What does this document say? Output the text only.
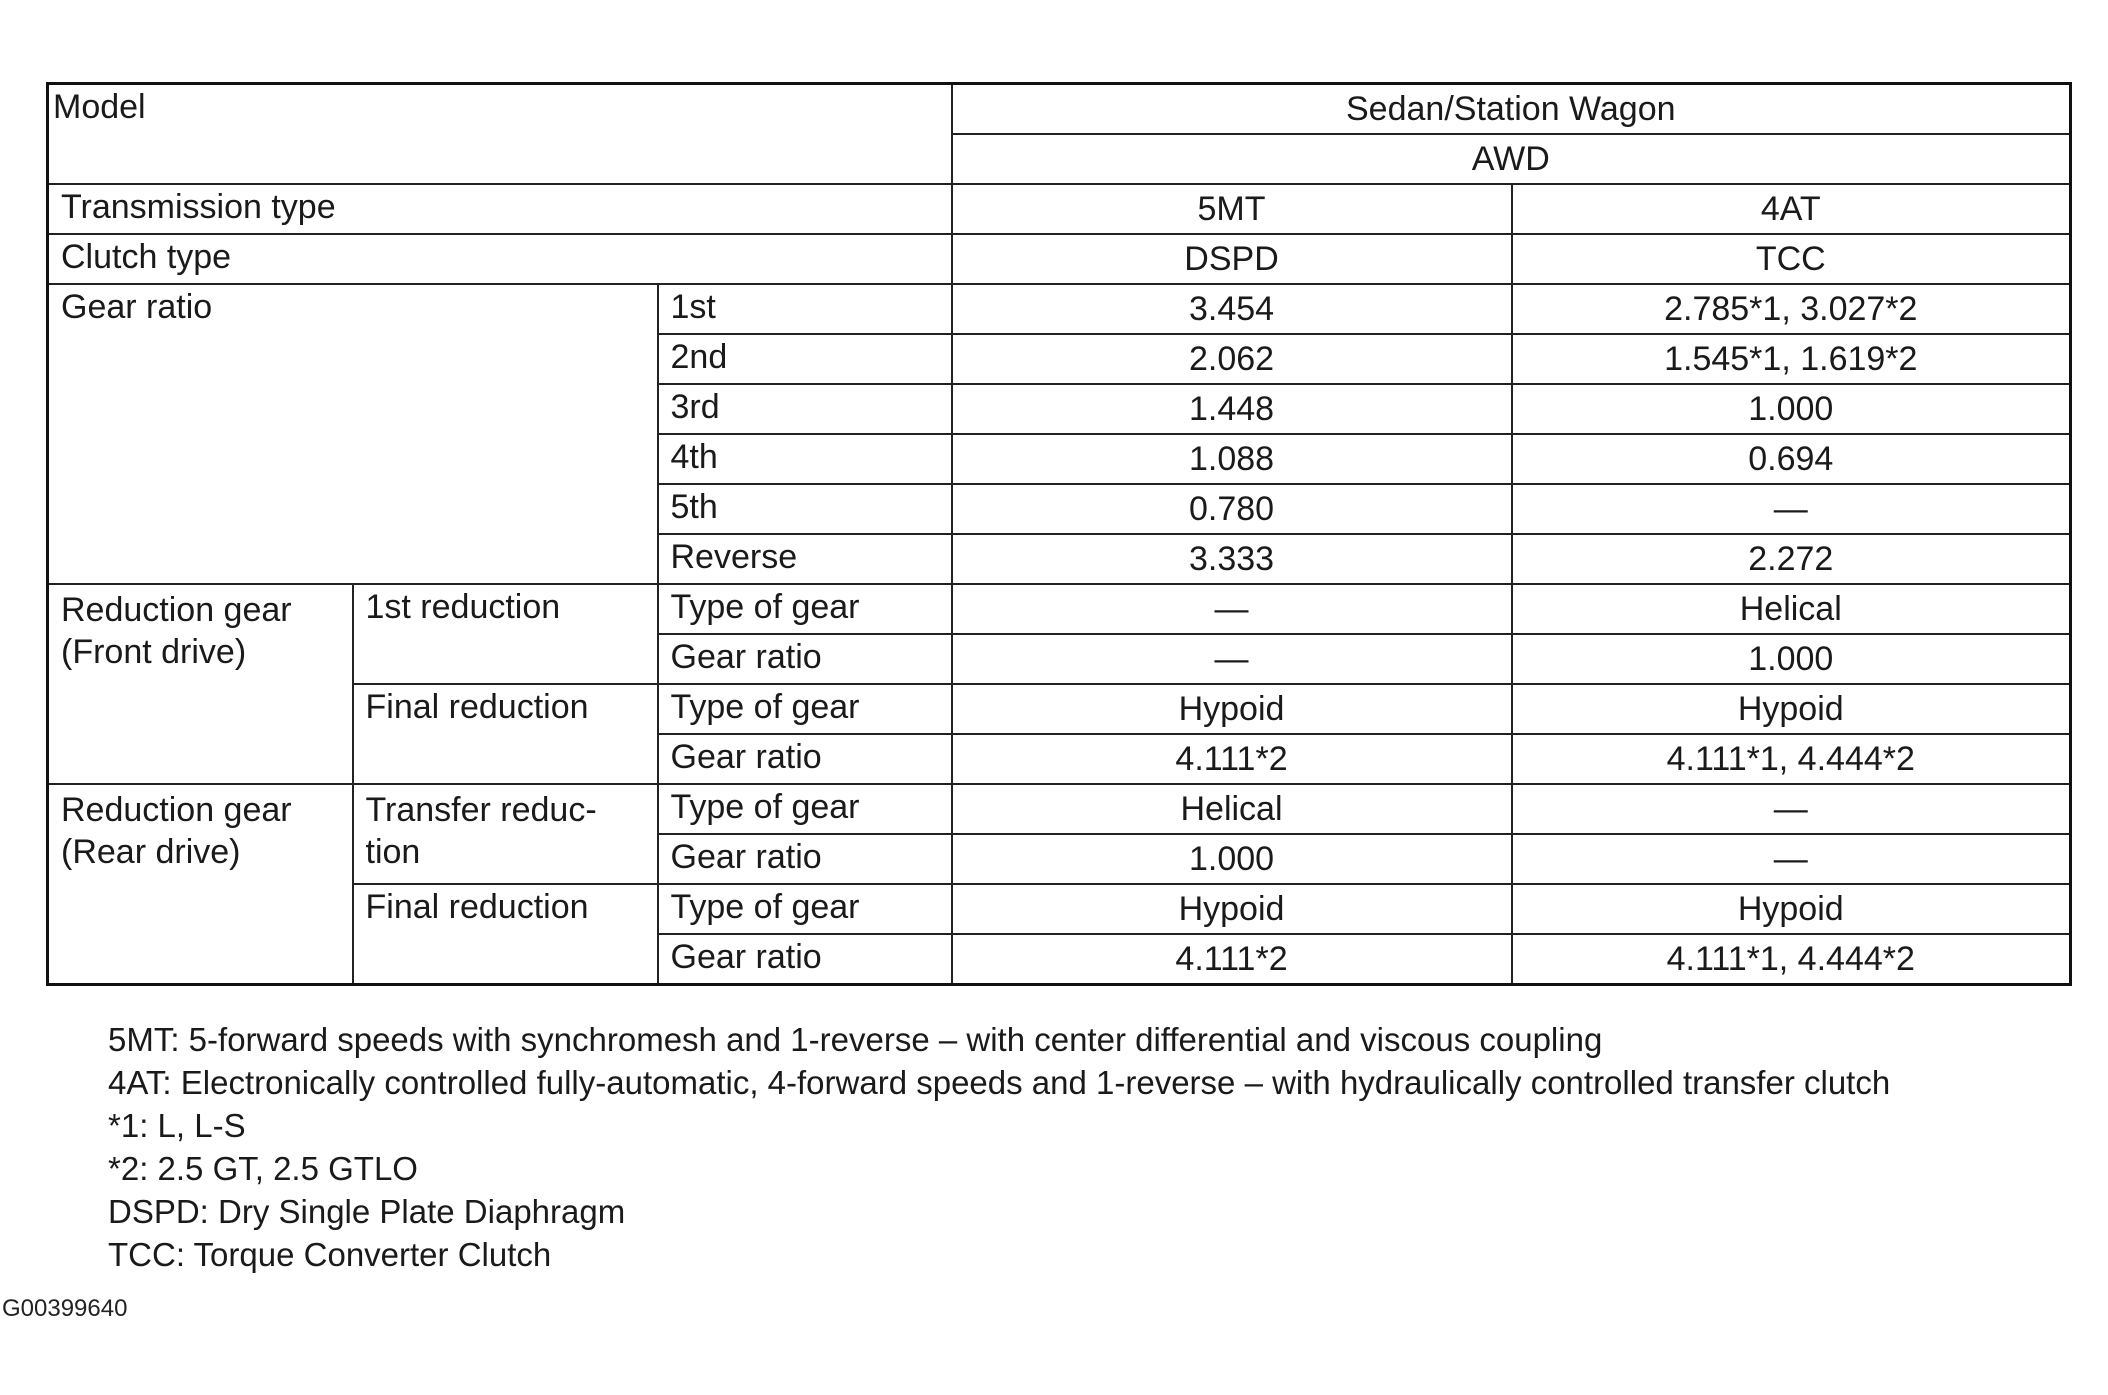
Model			Sedan/Station Wagon	
			AWD	
Transmission type			5MT	4AT
Clutch type			DSPD	TCC
Gear ratio		1st	3.454	2.785*1, 3.027*2
		2nd	2.062	1.545*1, 1.619*2
		3rd	1.448	1.000
		4th	1.088	0.694
		5th	0.780	—
		Reverse	3.333	2.272
Reduction gear (Front drive)	1st reduction	Type of gear	—	Helical
		Gear ratio	—	1.000
	Final reduction	Type of gear	Hypoid	Hypoid
		Gear ratio	4.111*2	4.111*1, 4.444*2
Reduction gear (Rear drive)	Transfer reduc- tion	Type of gear	Helical	—
		Gear ratio	1.000	—
	Final reduction	Type of gear	Hypoid	Hypoid
		Gear ratio	4.111*2	4.111*1, 4.444*2
5MT: 5-forward speeds with synchromesh and 1-reverse – with center differential and viscous coupling
4AT: Electronically controlled fully-automatic, 4-forward speeds and 1-reverse – with hydraulically controlled transfer clutch
*1: L, L-S
*2: 2.5 GT, 2.5 GTLO
DSPD: Dry Single Plate Diaphragm
TCC: Torque Converter Clutch
G00399640
